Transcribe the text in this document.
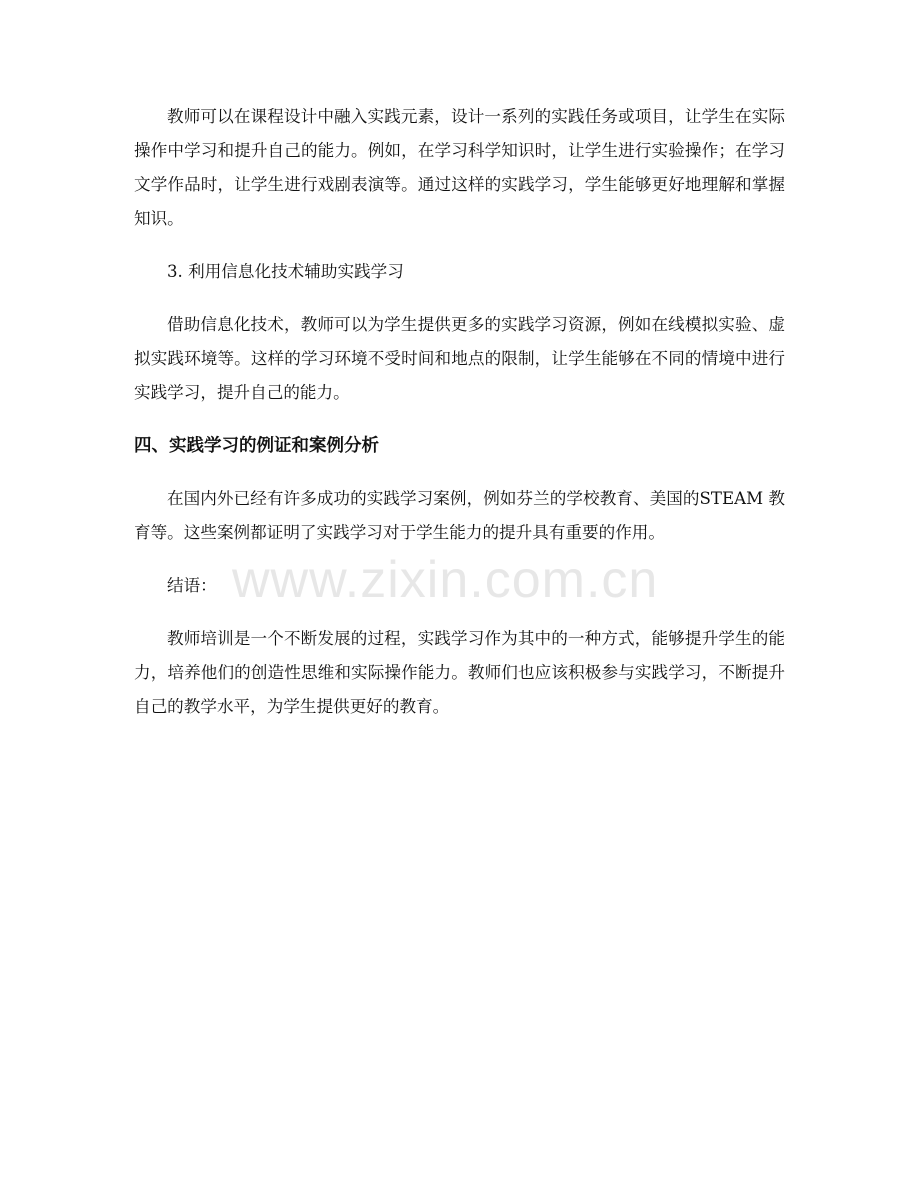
教师可以在课程设计中融入实践元素，设计一系列的实践任务或项目，让学生在实际操作中学习和提升自己的能力。例如，在学习科学知识时，让学生进行实验操作；在学习文学作品时，让学生进行戏剧表演等。通过这样的实践学习，学生能够更好地理解和掌握知识。

3. 利用信息化技术辅助实践学习

借助信息化技术，教师可以为学生提供更多的实践学习资源，例如在线模拟实验、虚拟实践环境等。这样的学习环境不受时间和地点的限制，让学生能够在不同的情境中进行实践学习，提升自己的能力。

四、实践学习的例证和案例分析

在国内外已经有许多成功的实践学习案例，例如芬兰的学校教育、美国的STEAM 教育等。这些案例都证明了实践学习对于学生能力的提升具有重要的作用。

结语：

教师培训是一个不断发展的过程，实践学习作为其中的一种方式，能够提升学生的能力，培养他们的创造性思维和实际操作能力。教师们也应该积极参与实践学习，不断提升自己的教学水平，为学生提供更好的教育。

www.zixin.com.cn
